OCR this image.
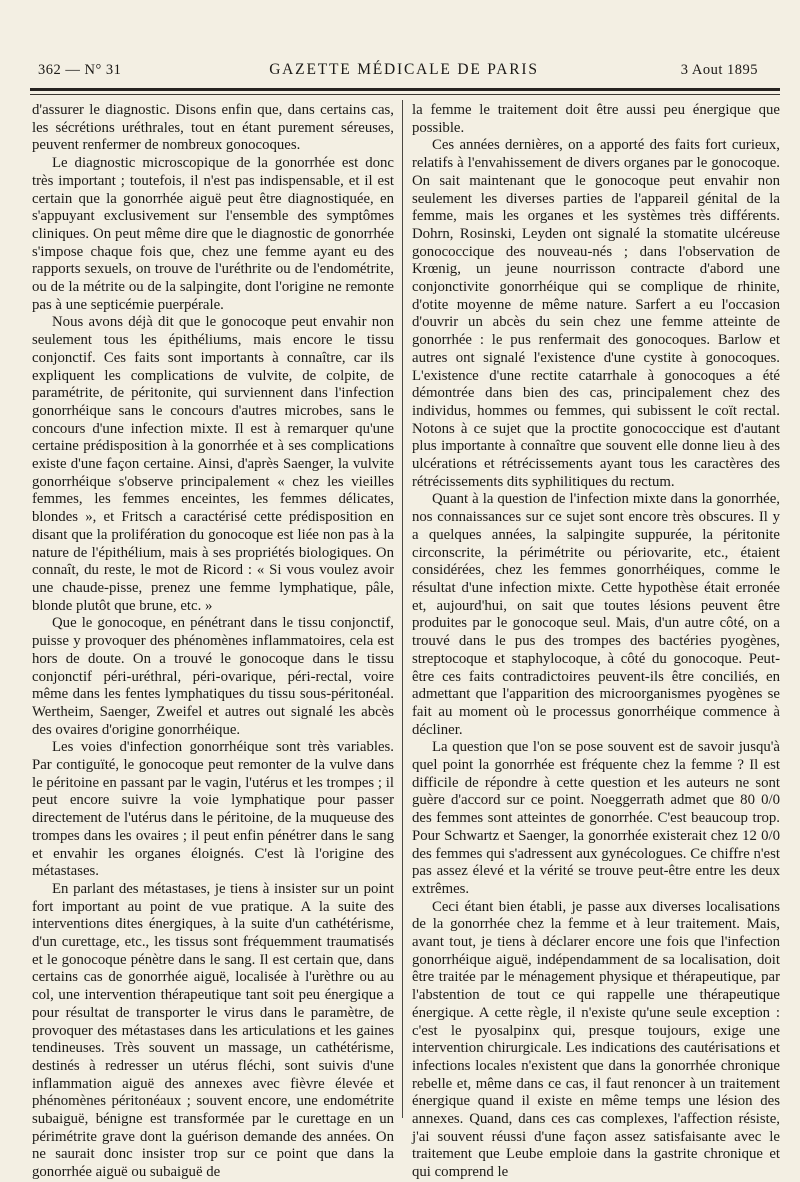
362 — N° 31	GAZETTE MÉDICALE DE PARIS	3 Aout 1895

d'assurer le diagnostic. Disons enfin que, dans certains cas, les sécrétions uréthrales, tout en étant purement séreuses, peuvent renfermer de nombreux gonocoques.

Le diagnostic microscopique de la gonorrhée est donc très important ; toutefois, il n'est pas indispensable, et il est certain que la gonorrhée aiguë peut être diagnostiquée, en s'appuyant exclusivement sur l'ensemble des symptômes cliniques. On peut même dire que le diagnostic de gonorrhée s'impose chaque fois que, chez une femme ayant eu des rapports sexuels, on trouve de l'uréthrite ou de l'endométrite, ou de la métrite ou de la salpingite, dont l'origine ne remonte pas à une septicémie puerpérale.

Nous avons déjà dit que le gonocoque peut envahir non seulement tous les épithéliums, mais encore le tissu conjonctif. Ces faits sont importants à connaître, car ils expliquent les complications de vulvite, de colpite, de paramétrite, de péritonite, qui surviennent dans l'infection gonorrhéique sans le concours d'autres microbes, sans le concours d'une infection mixte. Il est à remarquer qu'une certaine prédisposition à la gonorrhée et à ses complications existe d'une façon certaine. Ainsi, d'après Saenger, la vulvite gonorrhéique s'observe principalement « chez les vieilles femmes, les femmes enceintes, les femmes délicates, blondes », et Fritsch a caractérisé cette prédisposition en disant que la prolifération du gonocoque est liée non pas à la nature de l'épithélium, mais à ses propriétés biologiques. On connaît, du reste, le mot de Ricord : « Si vous voulez avoir une chaude-pisse, prenez une femme lymphatique, pâle, blonde plutôt que brune, etc. »

Que le gonocoque, en pénétrant dans le tissu conjonctif, puisse y provoquer des phénomènes inflammatoires, cela est hors de doute. On a trouvé le gonocoque dans le tissu conjonctif péri-uréthral, péri-ovarique, péri-rectal, voire même dans les fentes lymphatiques du tissu sous-péritonéal. Wertheim, Saenger, Zweifel et autres out signalé les abcès des ovaires d'origine gonorrhéique.

Les voies d'infection gonorrhéique sont très variables. Par contiguïté, le gonocoque peut remonter de la vulve dans le péritoine en passant par le vagin, l'utérus et les trompes ; il peut encore suivre la voie lymphatique pour passer directement de l'utérus dans le péritoine, de la muqueuse des trompes dans les ovaires ; il peut enfin pénétrer dans le sang et envahir les organes éloignés. C'est là l'origine des métastases.

En parlant des métastases, je tiens à insister sur un point fort important au point de vue pratique. A la suite des interventions dites énergiques, à la suite d'un cathétérisme, d'un curettage, etc., les tissus sont fréquemment traumatisés et le gonocoque pénètre dans le sang. Il est certain que, dans certains cas de gonorrhée aiguë, localisée à l'urèthre ou au col, une intervention thérapeutique tant soit peu énergique a pour résultat de transporter le virus dans le paramètre, de provoquer des métastases dans les articulations et les gaines tendineuses. Très souvent un massage, un cathétérisme, destinés à redresser un utérus fléchi, sont suivis d'une inflammation aiguë des annexes avec fièvre élevée et phénomènes péritonéaux ; souvent encore, une endométrite subaiguë, bénigne est transformée par le curettage en un périmétrite grave dont la guérison demande des années. On ne saurait donc insister trop sur ce point que dans la gonorrhée aiguë ou subaiguë de

la femme le traitement doit être aussi peu énergique que possible.

Ces années dernières, on a apporté des faits fort curieux, relatifs à l'envahissement de divers organes par le gonocoque. On sait maintenant que le gonocoque peut envahir non seulement les diverses parties de l'appareil génital de la femme, mais les organes et les systèmes très différents. Dohrn, Rosinski, Leyden ont signalé la stomatite ulcéreuse gonococcique des nouveau-nés ; dans l'observation de Krœnig, un jeune nourrisson contracte d'abord une conjonctivite gonorrhéique qui se complique de rhinite, d'otite moyenne de même nature. Sarfert a eu l'occasion d'ouvrir un abcès du sein chez une femme atteinte de gonorrhée : le pus renfermait des gonocoques. Barlow et autres ont signalé l'existence d'une cystite à gonocoques. L'existence d'une rectite catarrhale à gonocoques a été démontrée dans bien des cas, principalement chez des individus, hommes ou femmes, qui subissent le coït rectal. Notons à ce sujet que la proctite gonococcique est d'autant plus importante à connaître que souvent elle donne lieu à des ulcérations et rétrécissements ayant tous les caractères des rétrécissements dits syphilitiques du rectum.

Quant à la question de l'infection mixte dans la gonorrhée, nos connaissances sur ce sujet sont encore très obscures. Il y a quelques années, la salpingite suppurée, la péritonite circonscrite, la périmétrite ou périovarite, etc., étaient considérées, chez les femmes gonorrhéiques, comme le résultat d'une infection mixte. Cette hypothèse était erronée et, aujourd'hui, on sait que toutes lésions peuvent être produites par le gonocoque seul. Mais, d'un autre côté, on a trouvé dans le pus des trompes des bactéries pyogènes, streptocoque et staphylocoque, à côté du gonocoque. Peut-être ces faits contradictoires peuvent-ils être conciliés, en admettant que l'apparition des microorganismes pyogènes se fait au moment où le processus gonorrhéique commence à décliner.

La question que l'on se pose souvent est de savoir jusqu'à quel point la gonorrhée est fréquente chez la femme ? Il est difficile de répondre à cette question et les auteurs ne sont guère d'accord sur ce point. Noeggerrath admet que 80 0/0 des femmes sont atteintes de gonorrhée. C'est beaucoup trop. Pour Schwartz et Saenger, la gonorrhée existerait chez 12 0/0 des femmes qui s'adressent aux gynécologues. Ce chiffre n'est pas assez élevé et la vérité se trouve peut-être entre les deux extrêmes.

Ceci étant bien établi, je passe aux diverses localisations de la gonorrhée chez la femme et à leur traitement. Mais, avant tout, je tiens à déclarer encore une fois que l'infection gonorrhéique aiguë, indépendamment de sa localisation, doit être traitée par le ménagement physique et thérapeutique, par l'abstention de tout ce qui rappelle une thérapeutique énergique. A cette règle, il n'existe qu'une seule exception : c'est le pyosalpinx qui, presque toujours, exige une intervention chirurgicale. Les indications des cautérisations et infections locales n'existent que dans la gonorrhée chronique rebelle et, même dans ce cas, il faut renoncer à un traitement énergique quand il existe en même temps une lésion des annexes. Quand, dans ces cas complexes, l'affection résiste, j'ai souvent réussi d'une façon assez satisfaisante avec le traitement que Leube emploie dans la gastrite chronique et qui comprend le
